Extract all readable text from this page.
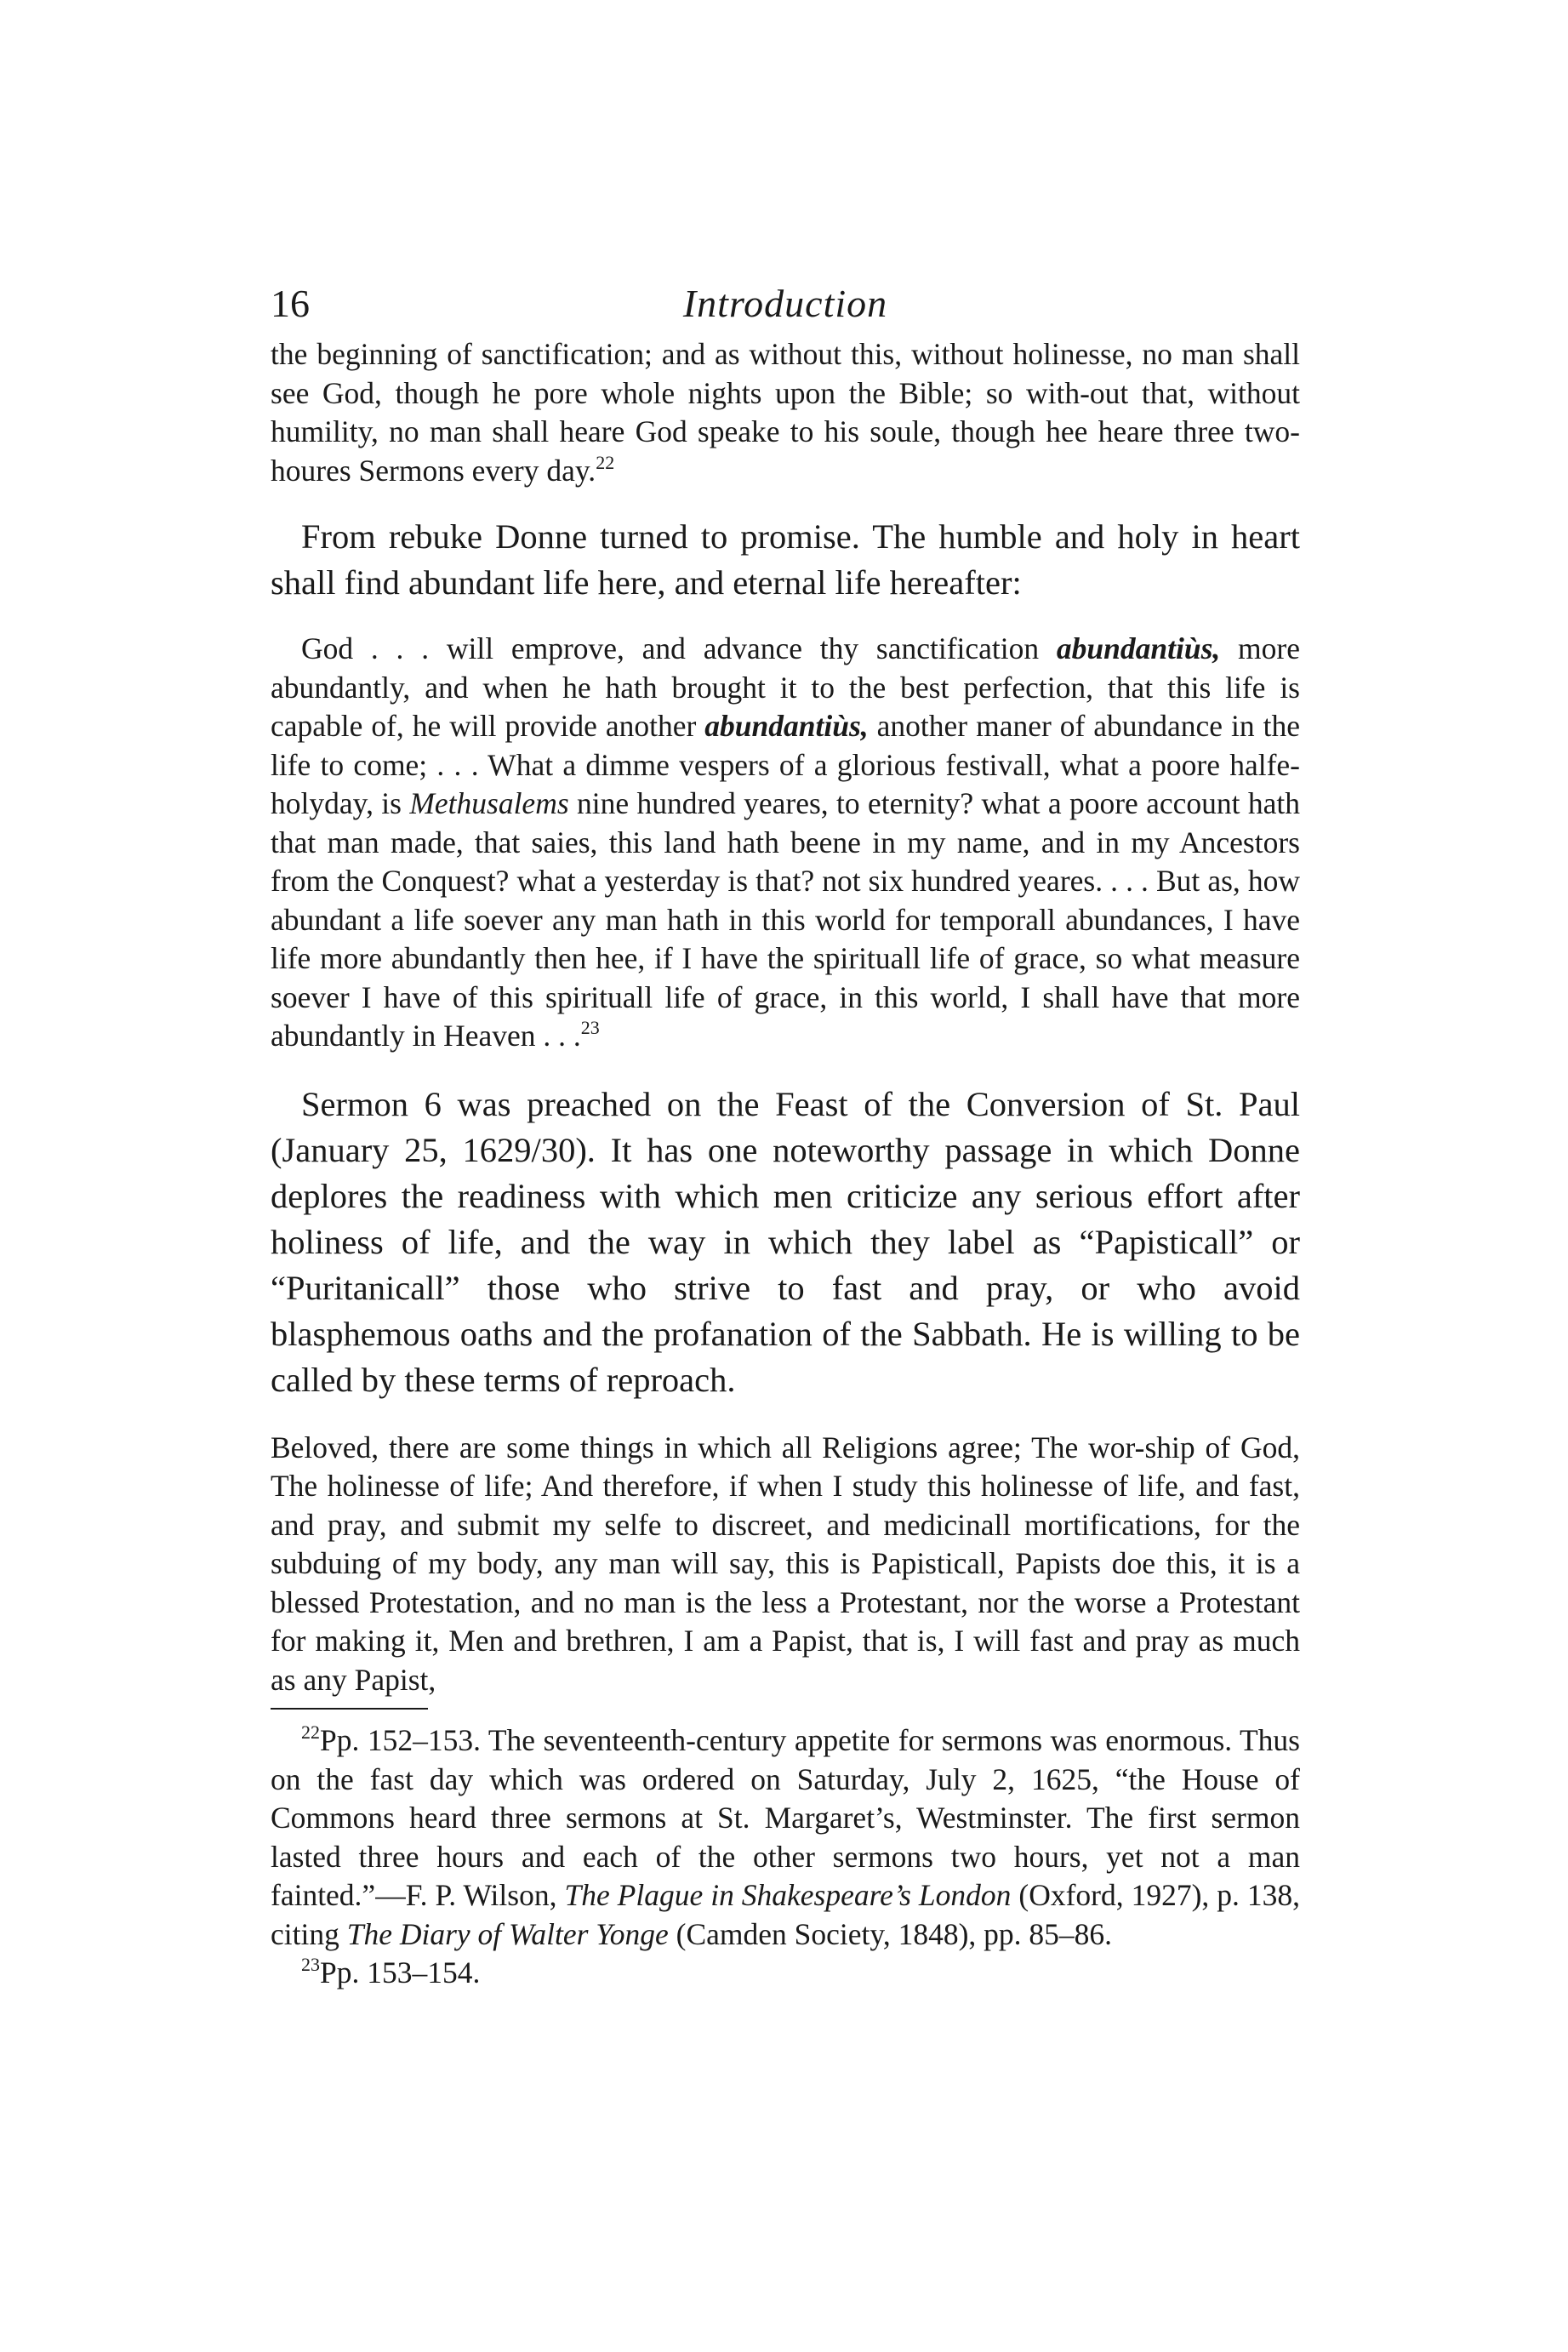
16	Introduction

the beginning of sanctification; and as without this, without holinesse, no man shall see God, though he pore whole nights upon the Bible; so with-out that, without humility, no man shall heare God speake to his soule, though hee heare three two-houres Sermons every day.$^{22}$

From rebuke Donne turned to promise. The humble and holy in heart shall find abundant life here, and eternal life hereafter:

God . . . will emprove, and advance thy sanctification abundantiùs, more abundantly, and when he hath brought it to the best perfection, that this life is capable of, he will provide another abundantiùs, another maner of abundance in the life to come; . . . What a dimme vespers of a glorious festivall, what a poore halfe-holyday, is Methusalems nine hundred yeares, to eternity? what a poore account hath that man made, that saies, this land hath beene in my name, and in my Ancestors from the Conquest? what a yesterday is that? not six hundred yeares. . . . But as, how abundant a life soever any man hath in this world for temporall abundances, I have life more abundantly then hee, if I have the spirituall life of grace, so what measure soever I have of this spirituall life of grace, in this world, I shall have that more abundantly in Heaven . . .$^{23}$

Sermon 6 was preached on the Feast of the Conversion of St. Paul (January 25, 1629/30). It has one noteworthy passage in which Donne deplores the readiness with which men criticize any serious effort after holiness of life, and the way in which they label as “Papisticall” or “Puritanicall” those who strive to fast and pray, or who avoid blasphemous oaths and the profanation of the Sabbath. He is willing to be called by these terms of reproach.

Beloved, there are some things in which all Religions agree; The wor-ship of God, The holinesse of life; And therefore, if when I study this holinesse of life, and fast, and pray, and submit my selfe to discreet, and medicinall mortifications, for the subduing of my body, any man will say, this is Papisticall, Papists doe this, it is a blessed Protestation, and no man is the less a Protestant, nor the worse a Protestant for making it, Men and brethren, I am a Papist, that is, I will fast and pray as much as any Papist,

$^{22}$Pp. 152–153. The seventeenth-century appetite for sermons was enormous. Thus on the fast day which was ordered on Saturday, July 2, 1625, “the House of Commons heard three sermons at St. Margaret’s, Westminster. The first sermon lasted three hours and each of the other sermons two hours, yet not a man fainted.”—F. P. Wilson, The Plague in Shakespeare’s London (Oxford, 1927), p. 138, citing The Diary of Walter Yonge (Camden Society, 1848), pp. 85–86.

$^{23}$Pp. 153–154.
